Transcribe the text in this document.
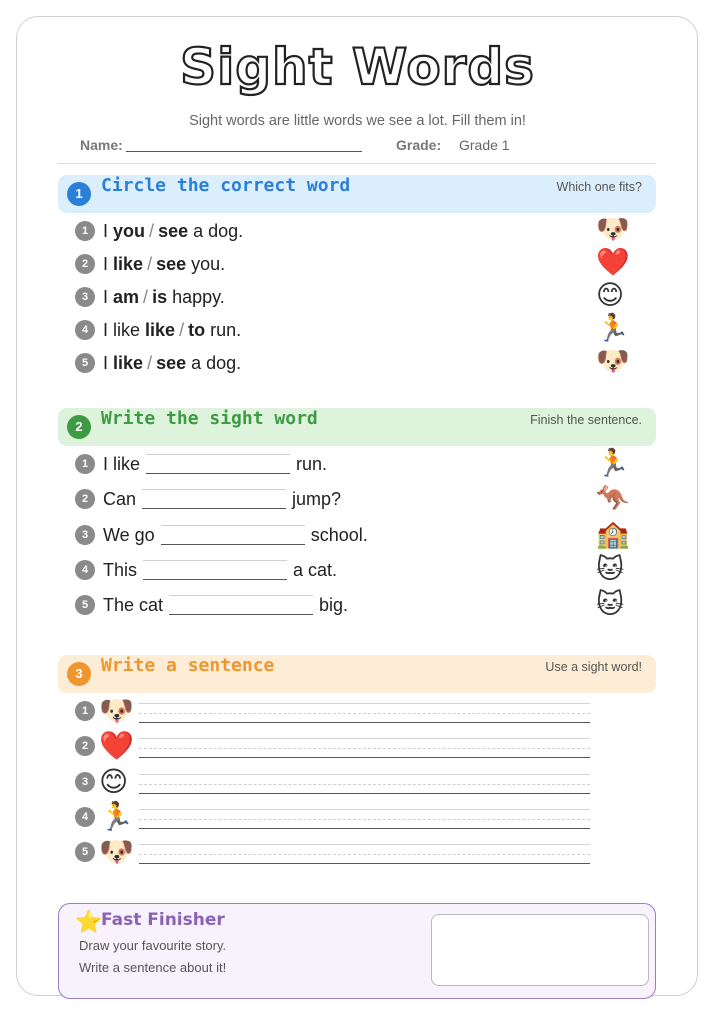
Sight Words
Sight words are little words we see a lot. Fill them in!
Name:	Grade: Grade 1
1	Circle the correct word	Which one fits?
1 I you / see a dog.	🐶
2 I like / see you.	❤️
3 I am / is happy.	😊
4 I like like / to run.	🏃
5 I like / see a dog.	🐶
2	Write the sight word	Finish the sentence.
1 I like	run.	🏃
2 Can	jump?	🦘
3 We go	school.	🏫
4 This	a cat.	🐱
5 The cat	big.	🐱
3	Write a sentence	Use a sight word!
1 🐶
2 ❤️
3 😊
4 🏃
5 🐶
⭐
Fast Finisher
Draw your favourite story.
Write a sentence about it!
